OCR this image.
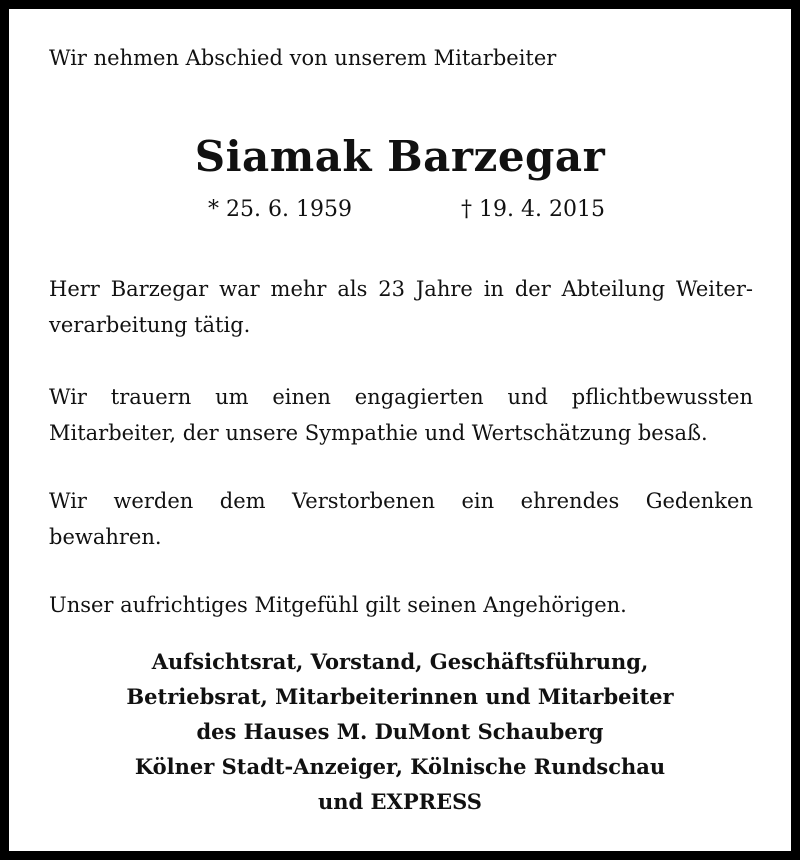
Wir nehmen Abschied von unserem Mitarbeiter
Siamak Barzegar
* 25. 6. 1959	† 19. 4. 2015
Herr Barzegar war mehr als 23 Jahre in der Abteilung Weiter-verarbeitung tätig.
Wir trauern um einen engagierten und pflichtbewussten Mitarbeiter, der unsere Sympathie und Wertschätzung besaß.
Wir werden dem Verstorbenen ein ehrendes Gedenken bewahren.
Unser aufrichtiges Mitgefühl gilt seinen Angehörigen.
Aufsichtsrat, Vorstand, Geschäftsführung,
Betriebsrat, Mitarbeiterinnen und Mitarbeiter
des Hauses M. DuMont Schauberg
Kölner Stadt-Anzeiger, Kölnische Rundschau
und EXPRESS
